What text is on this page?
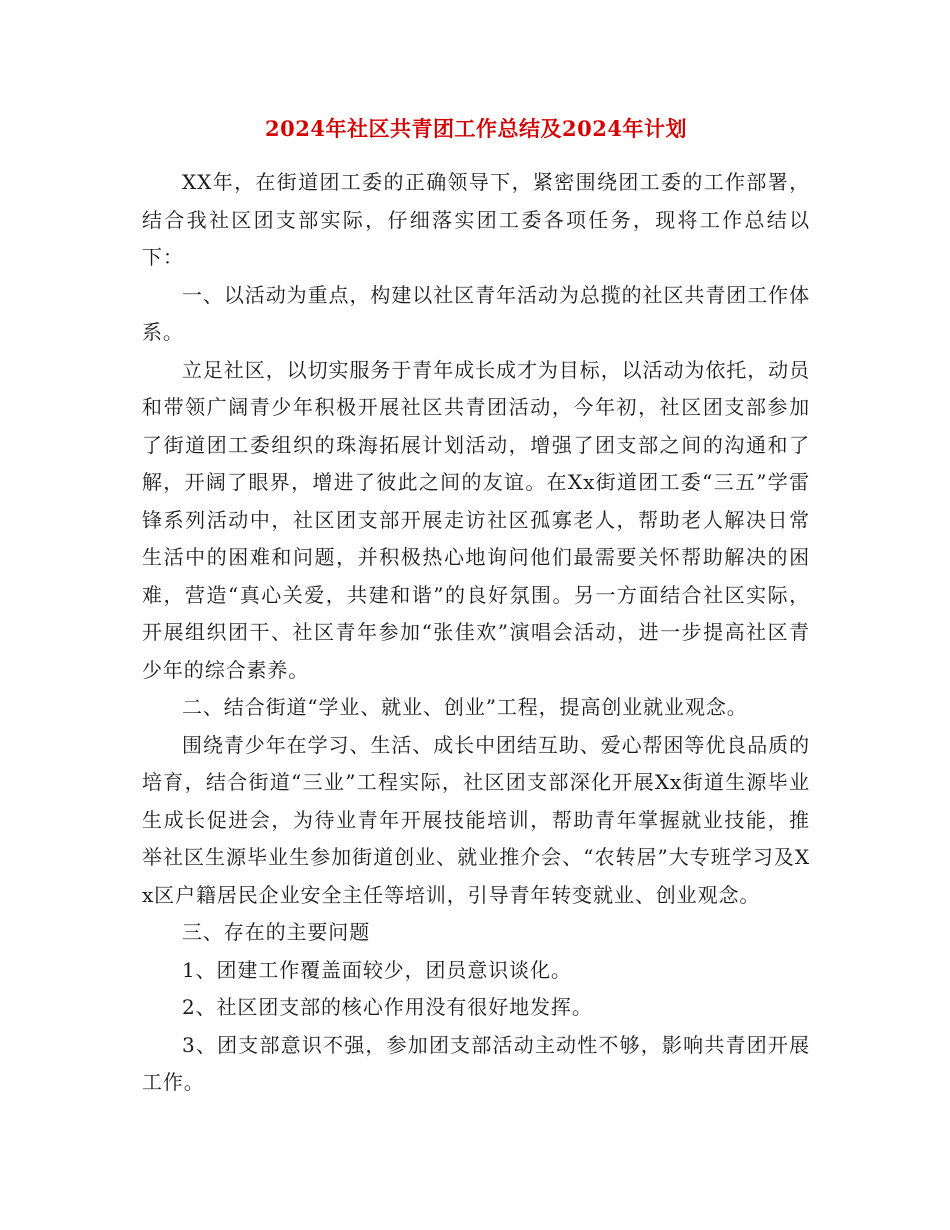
2024年社区共青团工作总结及2024年计划

XX年，在街道团工委的正确领导下，紧密围绕团工委的工作部署，结合我社区团支部实际，仔细落实团工委各项任务，现将工作总结以下：

一、以活动为重点，构建以社区青年活动为总揽的社区共青团工作体系。

立足社区，以切实服务于青年成长成才为目标，以活动为依托，动员和带领广阔青少年积极开展社区共青团活动，今年初，社区团支部参加了街道团工委组织的珠海拓展计划活动，增强了团支部之间的沟通和了解，开阔了眼界，增进了彼此之间的友谊。在Xx街道团工委“三五”学雷锋系列活动中，社区团支部开展走访社区孤寡老人，帮助老人解决日常生活中的困难和问题，并积极热心地询问他们最需要关怀帮助解决的困难，营造“真心关爱，共建和谐”的良好氛围。另一方面结合社区实际，开展组织团干、社区青年参加“张佳欢”演唱会活动，进一步提高社区青少年的综合素养。

二、结合街道“学业、就业、创业”工程，提高创业就业观念。

围绕青少年在学习、生活、成长中团结互助、爱心帮困等优良品质的培育，结合街道“三业”工程实际，社区团支部深化开展Xx街道生源毕业生成长促进会，为待业青年开展技能培训，帮助青年掌握就业技能，推举社区生源毕业生参加街道创业、就业推介会、“农转居”大专班学习及Xx区户籍居民企业安全主任等培训，引导青年转变就业、创业观念。

三、存在的主要问题

1、团建工作覆盖面较少，团员意识谈化。

2、社区团支部的核心作用没有很好地发挥。

3、团支部意识不强，参加团支部活动主动性不够，影响共青团开展工作。
